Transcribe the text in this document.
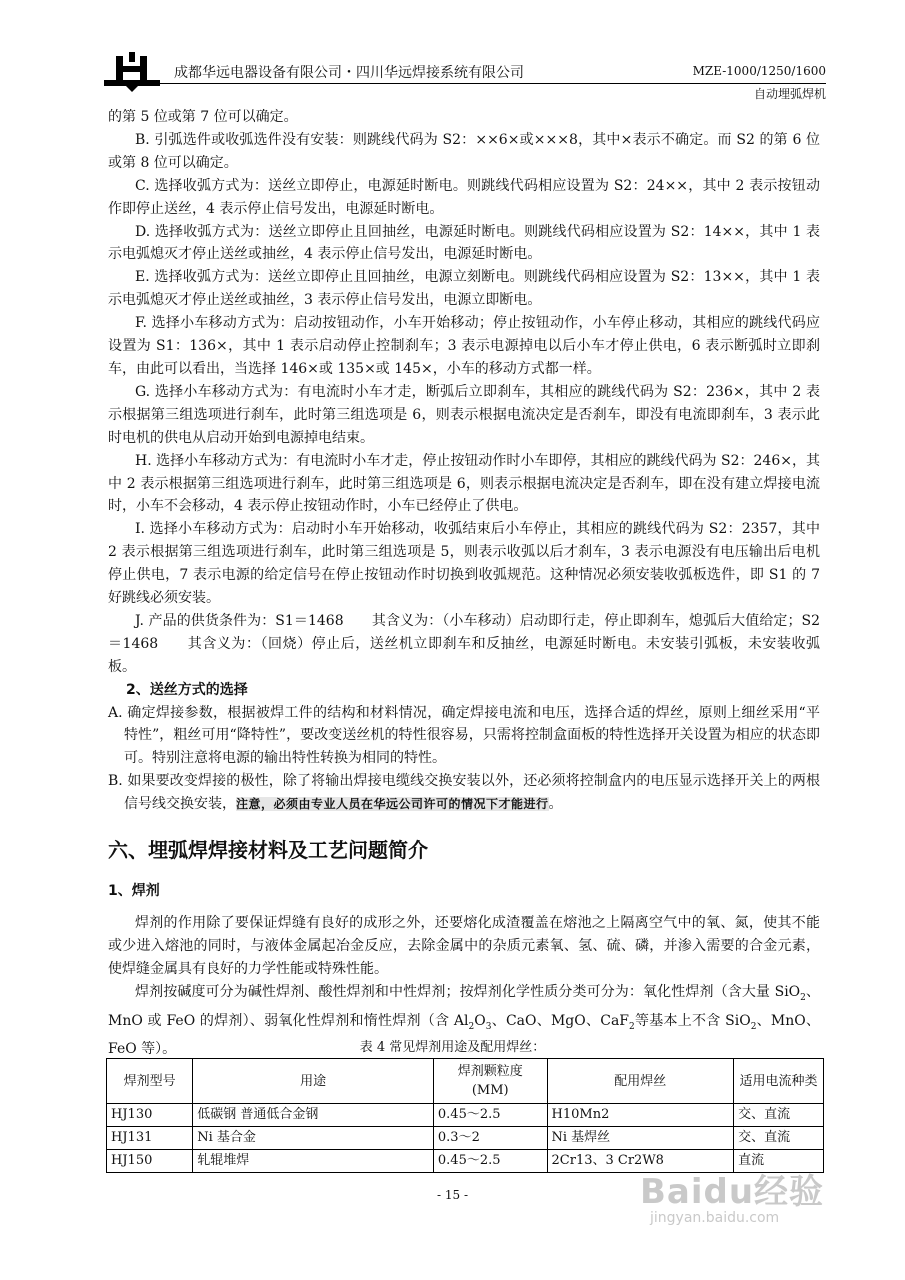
成都华远电器设备有限公司・四川华远焊接系统有限公司	MZE-1000/1250/1600
自动埋弧焊机

的第 5 位或第 7 位可以确定。

B. 引弧选件或收弧选件没有安装：则跳线代码为 S2：××6×或×××8，其中×表示不确定。而 S2 的第 6 位或第 8 位可以确定。

C. 选择收弧方式为：送丝立即停止，电源延时断电。则跳线代码相应设置为 S2：24××，其中 2 表示按钮动作即停止送丝，4 表示停止信号发出，电源延时断电。

D. 选择收弧方式为：送丝立即停止且回抽丝，电源延时断电。则跳线代码相应设置为 S2：14××，其中 1 表示电弧熄灭才停止送丝或抽丝，4 表示停止信号发出，电源延时断电。

E. 选择收弧方式为：送丝立即停止且回抽丝，电源立刻断电。则跳线代码相应设置为 S2：13××，其中 1 表示电弧熄灭才停止送丝或抽丝，3 表示停止信号发出，电源立即断电。

F. 选择小车移动方式为：启动按钮动作，小车开始移动；停止按钮动作，小车停止移动，其相应的跳线代码应设置为 S1：136×，其中 1 表示启动停止控制刹车；3 表示电源掉电以后小车才停止供电，6 表示断弧时立即刹车，由此可以看出，当选择 146×或 135×或 145×，小车的移动方式都一样。

G. 选择小车移动方式为：有电流时小车才走，断弧后立即刹车，其相应的跳线代码为 S2：236×，其中 2 表示根据第三组选项进行刹车，此时第三组选项是 6，则表示根据电流决定是否刹车，即没有电流即刹车，3 表示此时电机的供电从启动开始到电源掉电结束。

H. 选择小车移动方式为：有电流时小车才走，停止按钮动作时小车即停，其相应的跳线代码为 S2：246×，其中 2 表示根据第三组选项进行刹车，此时第三组选项是 6，则表示根据电流决定是否刹车，即在没有建立焊接电流时，小车不会移动，4 表示停止按钮动作时，小车已经停止了供电。

I. 选择小车移动方式为：启动时小车开始移动，收弧结束后小车停止，其相应的跳线代码为 S2：2357，其中 2 表示根据第三组选项进行刹车，此时第三组选项是 5，则表示收弧以后才刹车，3 表示电源没有电压输出后电机停止供电，7 表示电源的给定信号在停止按钮动作时切换到收弧规范。这种情况必须安装收弧板选件，即 S1 的 7 好跳线必须安装。

J. 产品的供货条件为：S1＝1468　　其含义为：（小车移动）启动即行走，停止即刹车，熄弧后大值给定；S2＝1468　　其含义为：（回烧）停止后，送丝机立即刹车和反抽丝，电源延时断电。未安装引弧板，未安装收弧板。

2、送丝方式的选择

A. 确定焊接参数，根据被焊工件的结构和材料情况，确定焊接电流和电压，选择合适的焊丝，原则上细丝采用“平特性”，粗丝可用“降特性”，要改变送丝机的特性很容易，只需将控制盒面板的特性选择开关设置为相应的状态即可。特别注意将电源的输出特性转换为相同的特性。

B. 如果要改变焊接的极性，除了将输出焊接电缆线交换安装以外，还必须将控制盒内的电压显示选择开关上的两根信号线交换安装，注意，必须由专业人员在华远公司许可的情况下才能进行。

六、埋弧焊焊接材料及工艺问题简介
1、焊剂

焊剂的作用除了要保证焊缝有良好的成形之外，还要熔化成渣覆盖在熔池之上隔离空气中的氧、氮，使其不能或少进入熔池的同时，与液体金属起冶金反应，去除金属中的杂质元素氧、氢、硫、磷，并渗入需要的合金元素，使焊缝金属具有良好的力学性能或特殊性能。

焊剂按碱度可分为碱性焊剂、酸性焊剂和中性焊剂；按焊剂化学性质分类可分为：氧化性焊剂（含大量 SiO$_2$、MnO 或 FeO 的焊剂）、弱氧化性焊剂和惰性焊剂（含 $Al_2O_3$、CaO、MgO、CaF$_2$等基本上不含 SiO$_2$、MnO、FeO 等）。	表 4 常见焊剂用途及配用焊丝：
焊剂型号	用途	焊剂颗粒度 (MM)	配用焊丝	适用电流种类
HJ130	低碳钢 普通低合金钢	0.45～2.5	H10Mn2	交、直流
HJ131	Ni 基合金	0.3～2	Ni 基焊丝	交、直流
HJ150	轧辊堆焊	0.45～2.5	2Cr13、3 Cr2W8	直流
- 15 -	Baidu经验
jingyan.baidu.com
